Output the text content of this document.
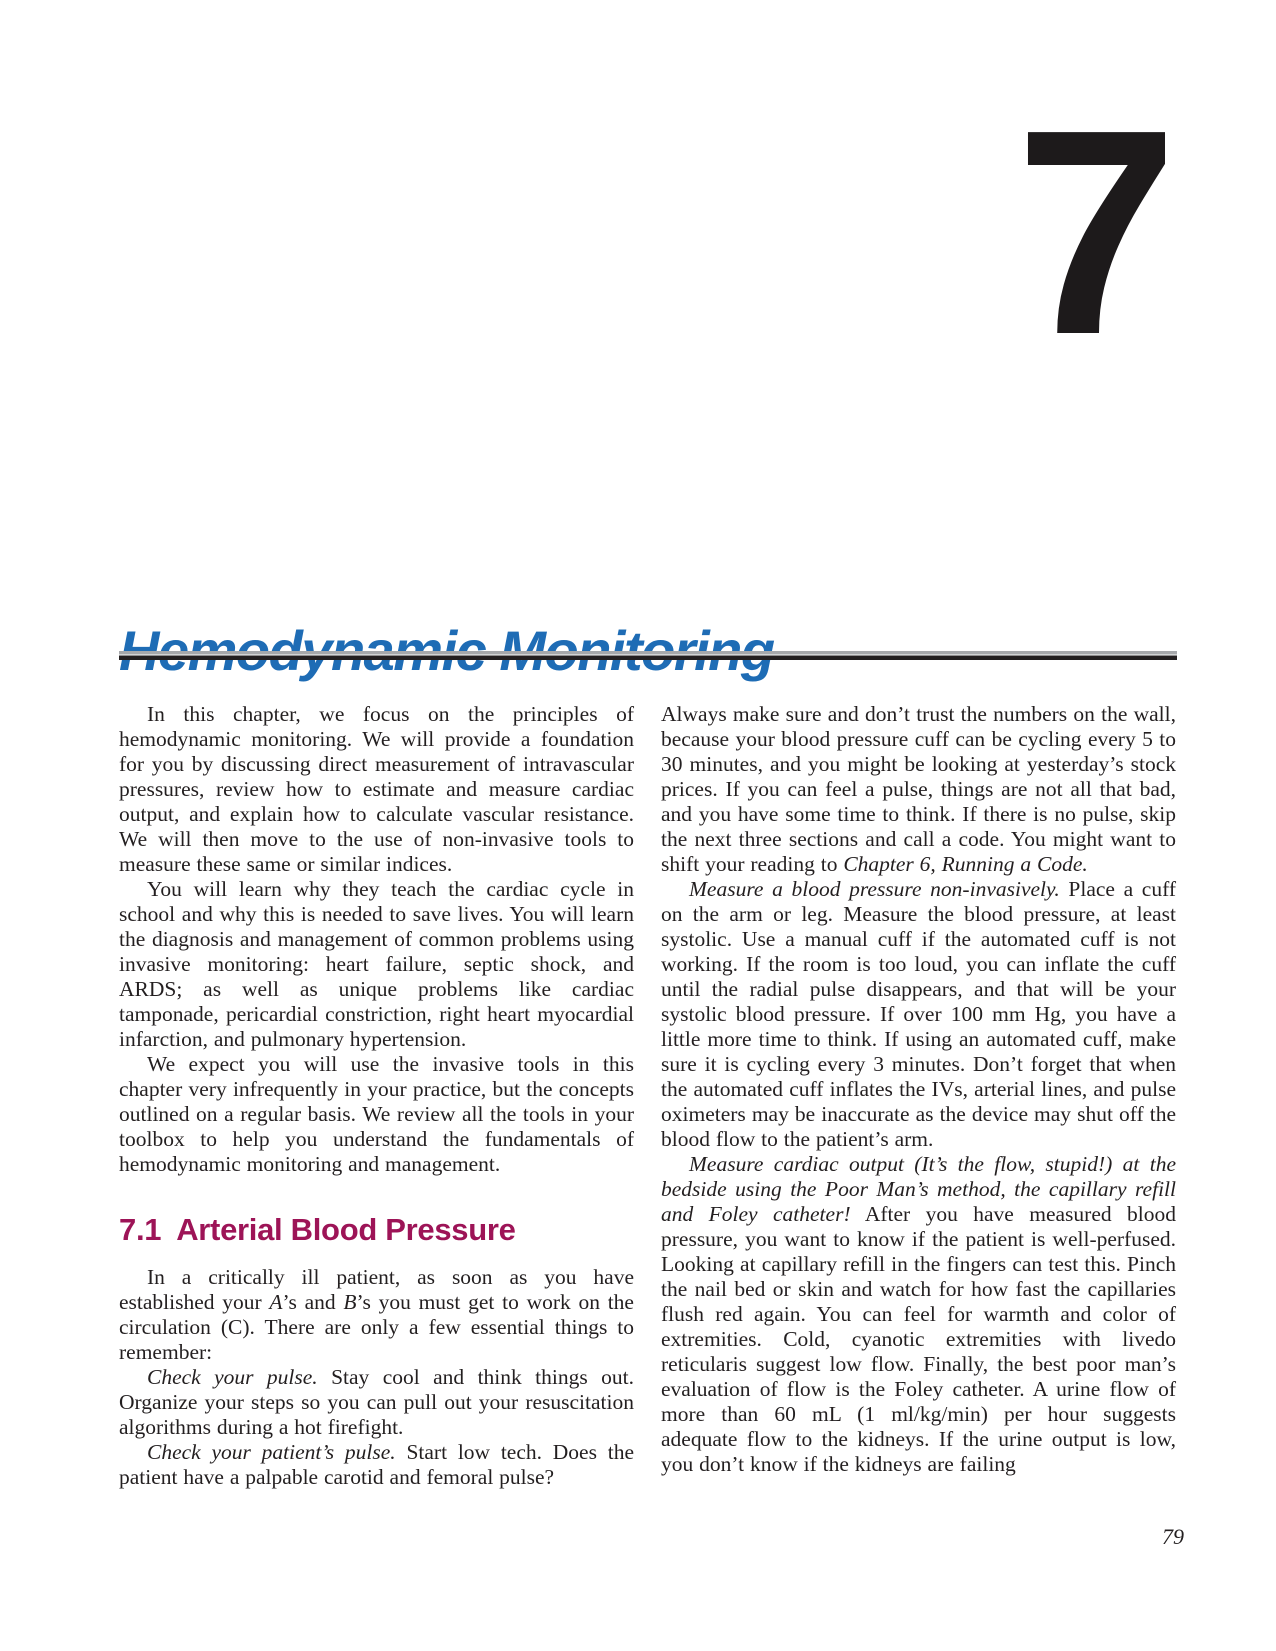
7

In this chapter, we focus on the principles of hemodynamic monitoring. We will provide a foundation for you by discussing direct measurement of intravascular pressures, review how to estimate and measure cardiac output, and explain how to calculate vascular resistance. We will then move to the use of non-invasive tools to measure these same or similar indices.

You will learn why they teach the cardiac cycle in school and why this is needed to save lives. You will learn the diagnosis and management of common problems using invasive monitoring: heart failure, septic shock, and ARDS; as well as unique problems like cardiac tamponade, pericardial constriction, right heart myocardial infarction, and pulmonary hypertension.

We expect you will use the invasive tools in this chapter very infrequently in your practice, but the concepts outlined on a regular basis. We review all the tools in your toolbox to help you understand the fundamentals of hemodynamic monitoring and management.

7.1 Arterial Blood Pressure

In a critically ill patient, as soon as you have established your A’s and B’s you must get to work on the circulation (C). There are only a few essential things to remember:

Check your pulse. Stay cool and think things out. Organize your steps so you can pull out your resuscitation algorithms during a hot firefight.

Check your patient’s pulse. Start low tech. Does the patient have a palpable carotid and femoral pulse?

Always make sure and don’t trust the numbers on the wall, because your blood pressure cuff can be cycling every 5 to 30 minutes, and you might be looking at yesterday’s stock prices. If you can feel a pulse, things are not all that bad, and you have some time to think. If there is no pulse, skip the next three sections and call a code. You might want to shift your reading to Chapter 6, Running a Code.

Measure a blood pressure non-invasively. Place a cuff on the arm or leg. Measure the blood pressure, at least systolic. Use a manual cuff if the automated cuff is not working. If the room is too loud, you can inflate the cuff until the radial pulse disappears, and that will be your systolic blood pressure. If over 100 mm Hg, you have a little more time to think. If using an automated cuff, make sure it is cycling every 3 minutes. Don’t forget that when the automated cuff inflates the IVs, arterial lines, and pulse oximeters may be inaccurate as the device may shut off the blood flow to the patient’s arm.

Measure cardiac output (It’s the flow, stupid!) at the bedside using the Poor Man’s method, the capillary refill and Foley catheter! After you have measured blood pressure, you want to know if the patient is well-perfused. Looking at capillary refill in the fingers can test this. Pinch the nail bed or skin and watch for how fast the capillaries flush red again. You can feel for warmth and color of extremities. Cold, cyanotic extremities with livedo reticularis suggest low flow. Finally, the best poor man’s evaluation of flow is the Foley catheter. A urine flow of more than 60 mL (1 ml/kg/min) per hour suggests adequate flow to the kidneys. If the urine output is low, you don’t know if the kidneys are failing

79
